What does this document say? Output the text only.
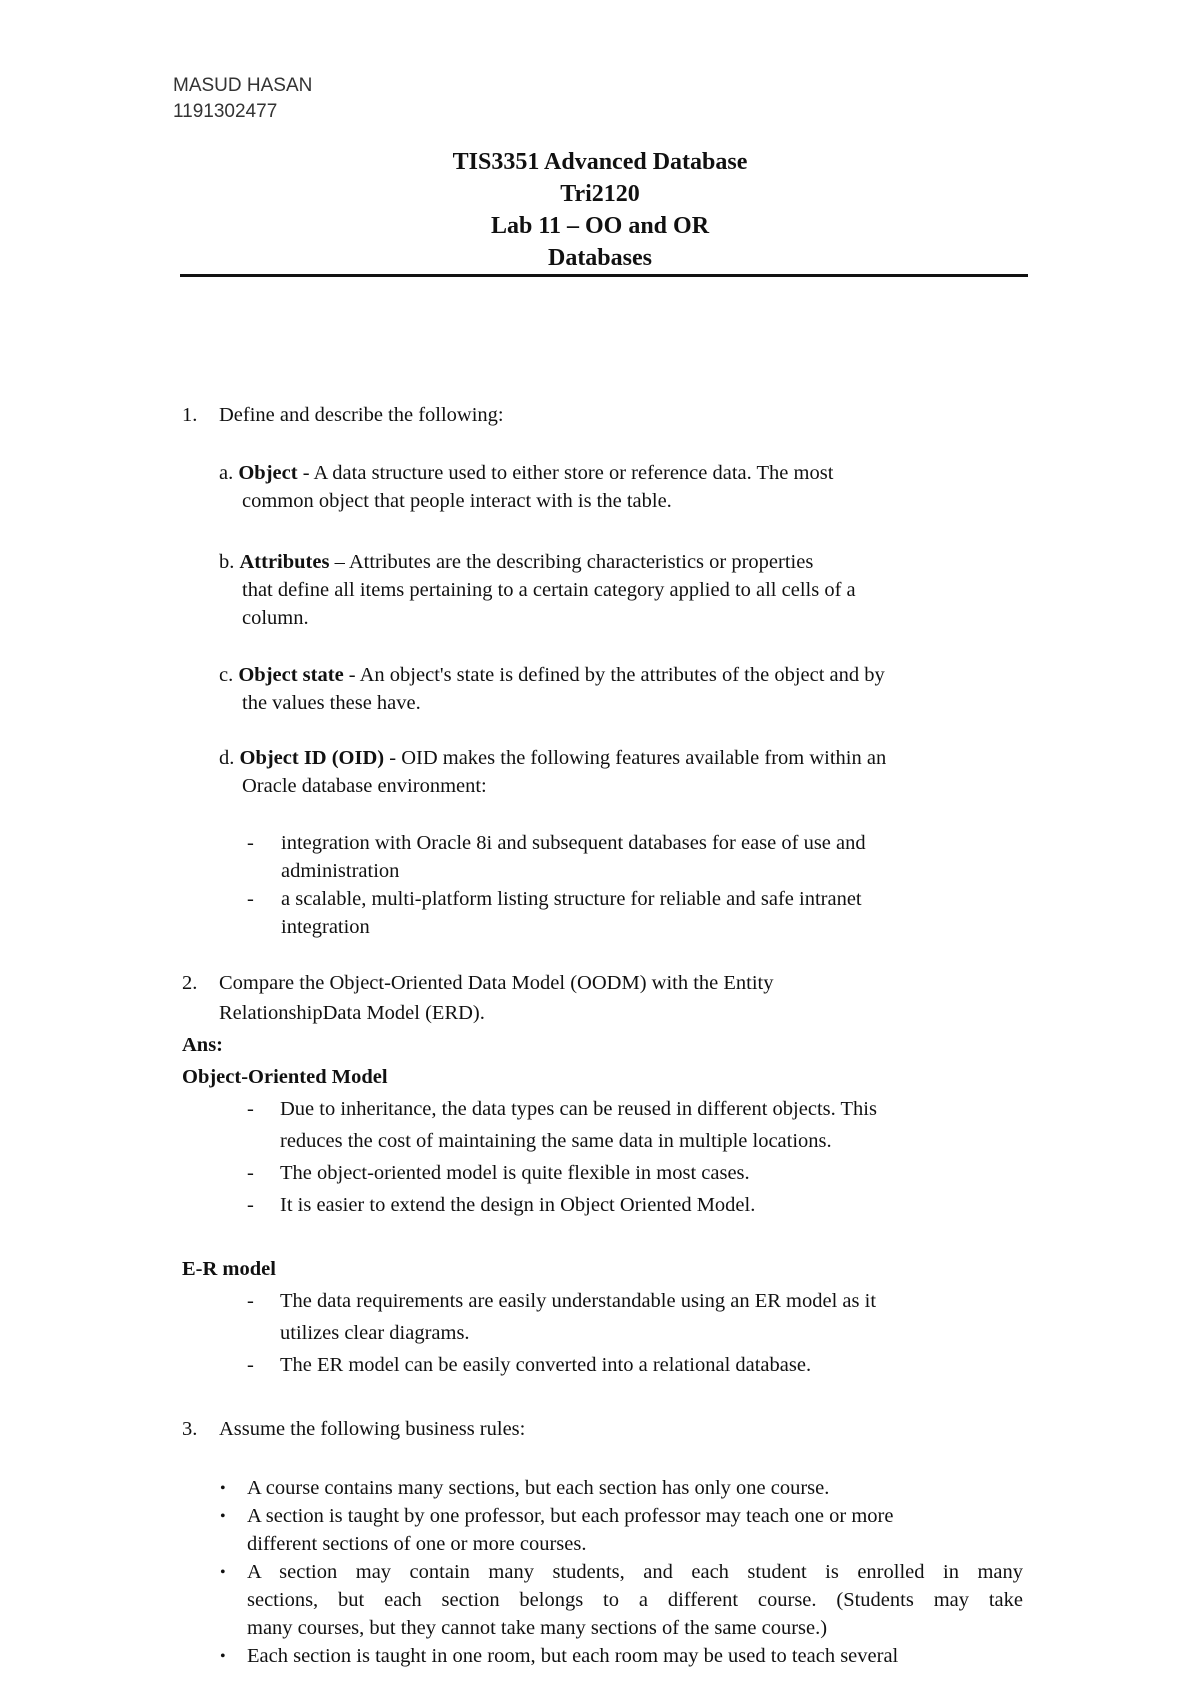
MASUD HASAN
1191302477
TIS3351 Advanced Database
Tri2120
Lab 11 – OO and OR
Databases
1. Define and describe the following:
a. Object - A data structure used to either store or reference data. The most
common object that people interact with is the table.
b. Attributes – Attributes are the describing characteristics or properties
that define all items pertaining to a certain category applied to all cells of a
column.
c. Object state - An object's state is defined by the attributes of the object and by
the values these have.
d. Object ID (OID) - OID makes the following features available from within an
Oracle database environment:
- integration with Oracle 8i and subsequent databases for ease of use and
administration
- a scalable, multi-platform listing structure for reliable and safe intranet
integration
2. Compare the Object-Oriented Data Model (OODM) with the Entity
RelationshipData Model (ERD).
Ans:
Object-Oriented Model
- Due to inheritance, the data types can be reused in different objects. This
reduces the cost of maintaining the same data in multiple locations.
- The object-oriented model is quite flexible in most cases.
- It is easier to extend the design in Object Oriented Model.
E-R model
- The data requirements are easily understandable using an ER model as it
utilizes clear diagrams.
- The ER model can be easily converted into a relational database.
3. Assume the following business rules:
• A course contains many sections, but each section has only one course.
• A section is taught by one professor, but each professor may teach one or more
different sections of one or more courses.
• A section may contain many students, and each student is enrolled in many
sections, but each section belongs to a different course. (Students may take
many courses, but they cannot take many sections of the same course.)
• Each section is taught in one room, but each room may be used to teach several
